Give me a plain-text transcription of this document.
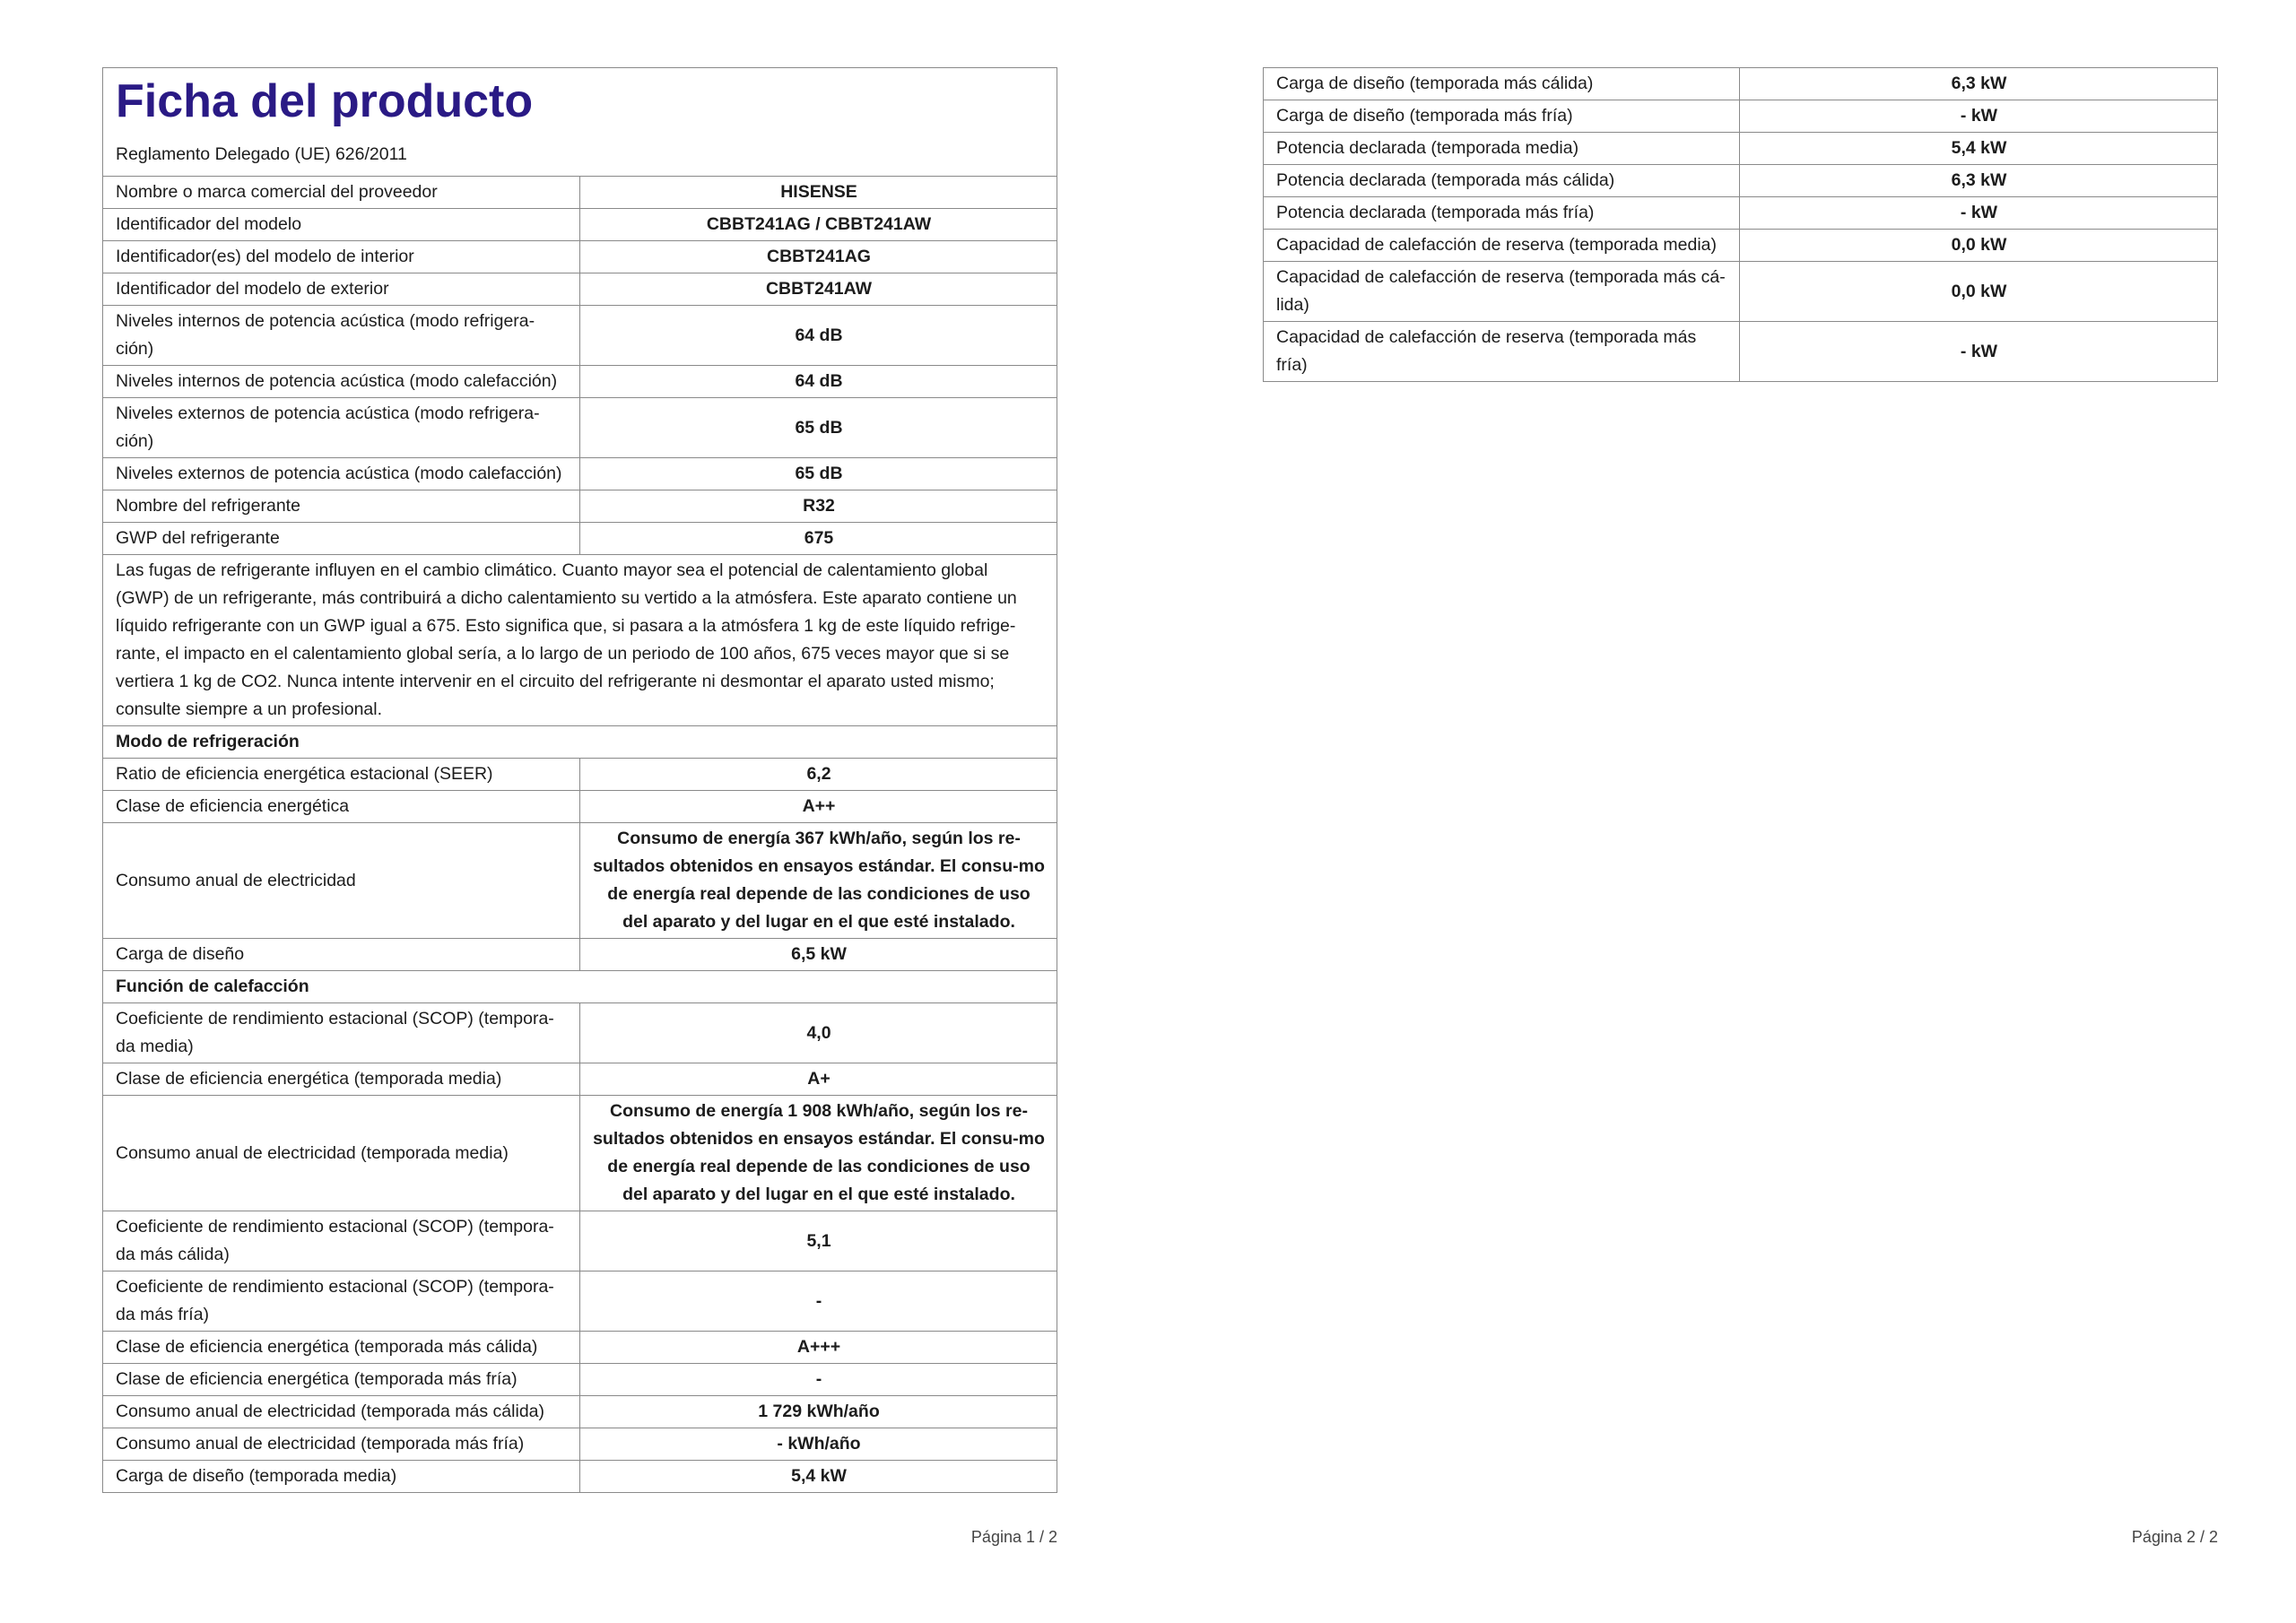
Ficha del producto
Reglamento Delegado (UE) 626/2011	

Nombre o marca comercial del proveedor	HISENSE
Identificador del modelo	CBBT241AG / CBBT241AW
Identificador(es) del modelo de interior	CBBT241AG
Identificador del modelo de exterior	CBBT241AW
Niveles internos de potencia acústica (modo refrigera-ción)	64 dB
Niveles internos de potencia acústica (modo calefacción)	64 dB
Niveles externos de potencia acústica (modo refrigera-ción)	65 dB
Niveles externos de potencia acústica (modo calefacción)	65 dB
Nombre del refrigerante	R32
GWP del refrigerante	675
Las fugas de refrigerante influyen en el cambio climático. Cuanto mayor sea el potencial de calentamiento global (GWP) de un refrigerante, más contribuirá a dicho calentamiento su vertido a la atmósfera. Este aparato contiene un líquido refrigerante con un GWP igual a 675. Esto significa que, si pasara a la atmósfera 1 kg de este líquido refrige-rante, el impacto en el calentamiento global sería, a lo largo de un periodo de 100 años, 675 veces mayor que si se vertiera 1 kg de CO2. Nunca intente intervenir en el circuito del refrigerante ni desmontar el aparato usted mismo; consulte siempre a un profesional.	
Modo de refrigeración	
Ratio de eficiencia energética estacional (SEER)	6,2
Clase de eficiencia energética	A++
Consumo anual de electricidad	Consumo de energía 367 kWh/año, según los re-sultados obtenidos en ensayos estándar. El consu-mo de energía real depende de las condiciones de uso del aparato y del lugar en el que esté instalado.
Carga de diseño	6,5 kW
Función de calefacción	
Coeficiente de rendimiento estacional (SCOP) (tempora-da media)	4,0
Clase de eficiencia energética (temporada media)	A+
Consumo anual de electricidad (temporada media)	Consumo de energía 1 908 kWh/año, según los re-sultados obtenidos en ensayos estándar. El consu-mo de energía real depende de las condiciones de uso del aparato y del lugar en el que esté instalado.
Coeficiente de rendimiento estacional (SCOP) (tempora-da más cálida)	5,1
Coeficiente de rendimiento estacional (SCOP) (tempora-da más fría)	-
Clase de eficiencia energética (temporada más cálida)	A+++
Clase de eficiencia energética (temporada más fría)	-
Consumo anual de electricidad (temporada más cálida)	1 729 kWh/año
Consumo anual de electricidad (temporada más fría)	- kWh/año
Carga de diseño (temporada media)	5,4 kW
Página 1 / 2
Carga de diseño (temporada más cálida)	6,3 kW
Carga de diseño (temporada más fría)	- kW
Potencia declarada (temporada media)	5,4 kW
Potencia declarada (temporada más cálida)	6,3 kW
Potencia declarada (temporada más fría)	- kW
Capacidad de calefacción de reserva (temporada media)	0,0 kW
Capacidad de calefacción de reserva (temporada más cá-lida)	0,0 kW
Capacidad de calefacción de reserva (temporada más fría)	- kW
Página 2 / 2
